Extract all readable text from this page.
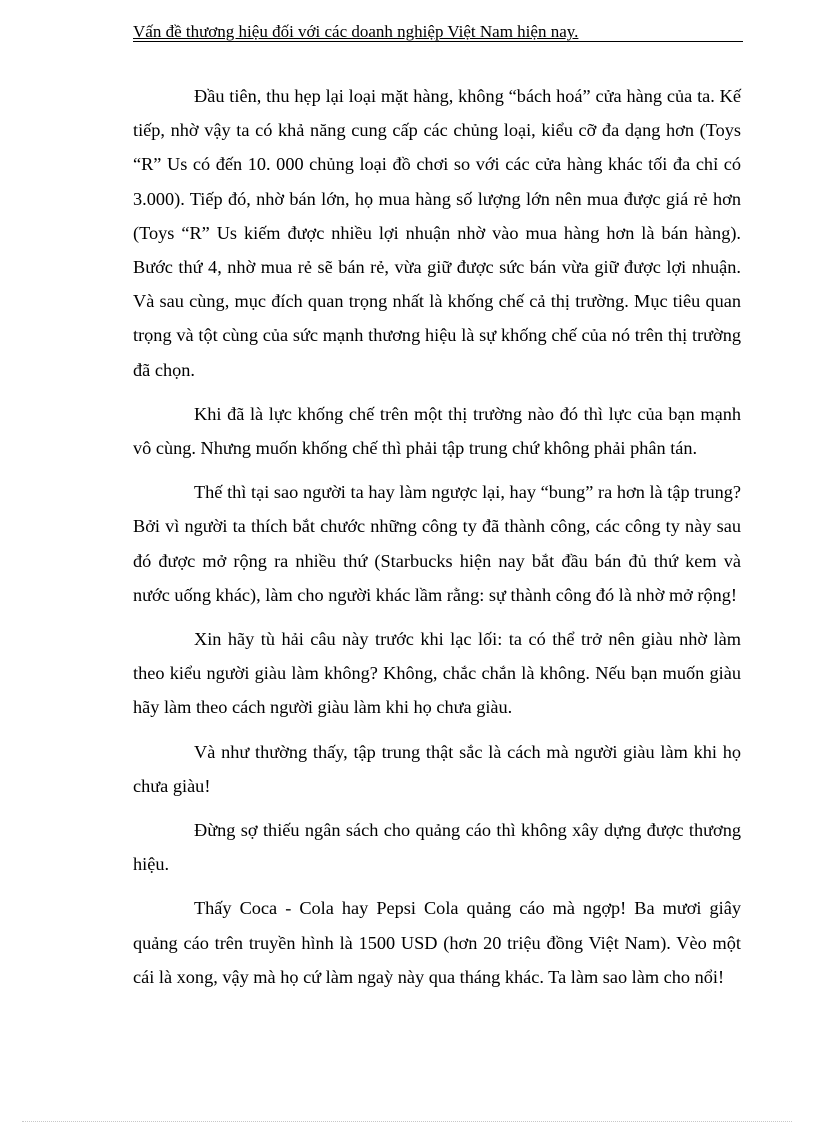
Vấn đề thương hiệu đối với các doanh nghiệp Việt Nam hiện nay.

Đầu tiên, thu hẹp lại loại mặt hàng, không “bách hoá” cửa hàng của ta. Kế tiếp, nhờ vậy ta có khả năng cung cấp các chủng loại, kiểu cỡ đa dạng hơn (Toys “R” Us có đến 10. 000 chủng loại đồ chơi so với các cửa hàng khác tối đa chỉ có 3.000). Tiếp đó, nhờ bán lớn, họ mua hàng số lượng lớn nên mua được giá rẻ hơn (Toys “R” Us kiếm được nhiều lợi nhuận nhờ vào mua hàng hơn là bán hàng). Bước thứ 4, nhờ mua rẻ sẽ bán rẻ, vừa giữ được sức bán vừa giữ được lợi nhuận. Và sau cùng, mục đích quan trọng nhất là khống chế cả thị trường. Mục tiêu quan trọng và tột cùng của sức mạnh thương hiệu là sự khống chế của nó trên thị trường đã chọn.

Khi đã là lực khống chế trên một thị trường nào đó thì lực của bạn mạnh vô cùng. Nhưng muốn khống chế thì phải tập trung chứ không phải phân tán.

Thế thì tại sao người ta hay làm ngược lại, hay “bung” ra hơn là tập trung? Bởi vì người ta thích bắt chước những công ty đã thành công, các công ty này sau đó được mở rộng ra nhiều thứ (Starbucks hiện nay bắt đầu bán đủ thứ kem và nước uống khác), làm cho người khác lầm rằng: sự thành công đó là nhờ mở rộng!

Xin hãy tù hải câu này trước khi lạc lối: ta có thể trở nên giàu nhờ làm theo kiểu người giàu làm không? Không, chắc chắn là không. Nếu bạn muốn giàu hãy làm theo cách người giàu làm khi họ chưa giàu.

Và như thường thấy, tập trung thật sắc là cách mà người giàu làm khi họ chưa giàu!

Đừng sợ thiếu ngân sách cho quảng cáo thì không xây dựng được thương hiệu.

Thấy Coca - Cola hay Pepsi Cola quảng cáo mà ngợp! Ba mươi giây quảng cáo trên truyền hình là 1500 USD (hơn 20 triệu đồng Việt Nam). Vèo một cái là xong, vậy mà họ cứ làm ngaỳ này qua tháng khác. Ta làm sao làm cho nổi!
